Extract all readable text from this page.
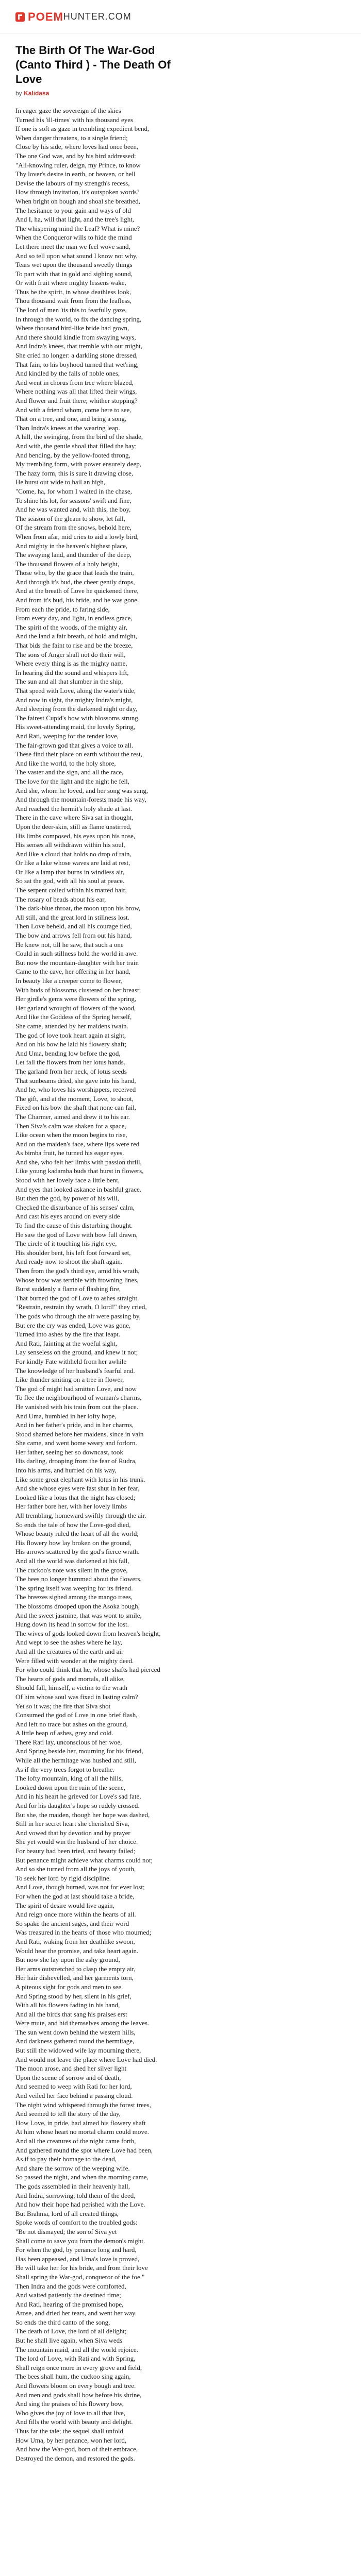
POEM HUNTER.COM
The Birth Of The War-God (Canto Third ) - The Death Of Love
by Kalidasa
In eager gaze the sovereign of the skies
Turned his 'ill-times' with his thousand eyes
If one is soft as gaze in trembling expedient bend,
When danger threatens, to a single friend;
Close by his side, where loves had once been,
The one God was, and by his bird addressed:
"All-knowing ruler, deign, my Prince, to know
Thy lover's desire in earth, or heaven, or hell
Devise the labours of my strength's recess,
How through invitation, it's outspoken words?
When bright on bough and shoal she breathed,
The hesitance to your gain and ways of old
And I, ha, will that light, and the tree's light,
The whispering mind the Leaf? What is mine?
When the Conqueror wills to hide the mind
Let there meet the man we feel wove sand,
And so tell upon what sound I know not why,
Tears wet upon the thousand sweetly things
To part with that in gold and sighing sound,
Or with fruit where mighty lessens wake,
Thus be the spirit, in whose deathless look,
Thou thousand wait from from the leafless,
The lord of men 'tis this to fearfully gaze,
In through the world, to fix the dancing spring,
Where thousand bird-like bride had gown,
And there should kindle from swaying ways,
And Indra's knees, that tremble with our might,
She cried no longer: a darkling stone dressed,
That fain, to his boyhood turned that wet'ring,
And kindled by the falls of noble ones,
And went in chorus from tree where blazed,
Where nothing was all that lifted their wings,
And flower and fruit there; whither stopping?
And with a friend whom, come here to see,
That on a tree, and one, and bring a song,
Than Indra's knees at the wearing leap.
A hill, the swinging, from the bird of the shade,
And with, the gentle shoal that filled the bay;
And bending, by the yellow-footed throng,
My trembling form, with power ensurely deep,
The hazy form, this is sure it drawing close,
He burst out wide to hail an high,
"Come, ha, for whom I waited in the chase,
To shine his lot, for seasons' swift and fine,
And he was wanted and, with this, the boy,
The season of the gleam to show, let fall,
Of the stream from the snows, behold here,
When from afar, mid cries to aid a lowly bird,
And mighty in the heaven's highest place,
The swaying land, and thunder of the deep,
The thousand flowers of a holy height,
Those who, by the grace that leads the train,
And through it's bud, the cheer gently drops,
And at the breath of Love he quickened there,
And from it's bud, his bride, and he was gone.
From each the pride, to faring side,
From every day, and light, in endless grace,
The spirit of the woods, of the mighty air,
And the land a fair breath, of hold and might,
That bids the faint to rise and be the breeze,
The sons of Anger shall not do their will,
Where every thing is as the mighty name,
In hearing did the sound and whispers lift,
The sun and all that slumber in the ship,
That speed with Love, along the water's tide,
And now in sight, the mighty Indra's might,
And sleeping from the darkened night or day,
The fairest Cupid's bow with blossoms strung,
His sweet-attending maid, the lovely Spring,
And Rati, weeping for the tender love,
The fair-grown god that gives a voice to all.
These find their place on earth without the rest,
And like the world, to the holy shore,
The vaster and the sign, and all the race,
The love for the light and the night he fell,
And she, whom he loved, and her song was sung,
And through the mountain-forests made his way,
And reached the hermit's holy shade at last.
There in the cave where Siva sat in thought,
Upon the deer-skin, still as flame unstirred,
His limbs composed, his eyes upon his nose,
His senses all withdrawn within his soul,
And like a cloud that holds no drop of rain,
Or like a lake whose waves are laid at rest,
Or like a lamp that burns in windless air,
So sat the god, with all his soul at peace.
The serpent coiled within his matted hair,
The rosary of beads about his ear,
The dark-blue throat, the moon upon his brow,
All still, and the great lord in stillness lost.
Then Love beheld, and all his courage fled,
The bow and arrows fell from out his hand,
He knew not, till he saw, that such a one
Could in such stillness hold the world in awe.
But now the mountain-daughter with her train
Came to the cave, her offering in her hand,
In beauty like a creeper come to flower,
With buds of blossoms clustered on her breast;
Her girdle's gems were flowers of the spring,
Her garland wrought of flowers of the wood,
And like the Goddess of the Spring herself,
She came, attended by her maidens twain.
The god of love took heart again at sight,
And on his bow he laid his flowery shaft;
And Uma, bending low before the god,
Let fall the flowers from her lotus hands.
The garland from her neck, of lotus seeds
That sunbeams dried, she gave into his hand,
And he, who loves his worshippers, received
The gift, and at the moment, Love, to shoot,
Fixed on his bow the shaft that none can fail,
The Charmer, aimed and drew it to his ear.
Then Siva's calm was shaken for a space,
Like ocean when the moon begins to rise,
And on the maiden's face, where lips were red
As bimba fruit, he turned his eager eyes.
And she, who felt her limbs with passion thrill,
Like young kadamba buds that burst in flowers,
Stood with her lovely face a little bent,
And eyes that looked askance in bashful grace.
But then the god, by power of his will,
Checked the disturbance of his senses' calm,
And cast his eyes around on every side
To find the cause of this disturbing thought.
He saw the god of Love with bow full drawn,
The circle of it touching his right eye,
His shoulder bent, his left foot forward set,
And ready now to shoot the shaft again.
Then from the god's third eye, amid his wrath,
Whose brow was terrible with frowning lines,
Burst suddenly a flame of flashing fire,
That burned the god of Love to ashes straight.
"Restrain, restrain thy wrath, O lord!" they cried,
The gods who through the air were passing by,
But ere the cry was ended, Love was gone,
Turned into ashes by the fire that leapt.
And Rati, fainting at the woeful sight,
Lay senseless on the ground, and knew it not;
For kindly Fate withheld from her awhile
The knowledge of her husband's fearful end.
Like thunder smiting on a tree in flower,
The god of might had smitten Love, and now
To flee the neighbourhood of woman's charms,
He vanished with his train from out the place.
And Uma, humbled in her lofty hope,
And in her father's pride, and in her charms,
Stood shamed before her maidens, since in vain
She came, and went home weary and forlorn.
Her father, seeing her so downcast, took
His darling, drooping from the fear of Rudra,
Into his arms, and hurried on his way,
Like some great elephant with lotus in his trunk.
And she whose eyes were fast shut in her fear,
Looked like a lotus that the night has closed;
Her father bore her, with her lovely limbs
All trembling, homeward swiftly through the air.
So ends the tale of how the Love-god died,
Whose beauty ruled the heart of all the world;
His flowery bow lay broken on the ground,
His arrows scattered by the god's fierce wrath.
And all the world was darkened at his fall,
The cuckoo's note was silent in the grove,
The bees no longer hummed about the flowers,
The spring itself was weeping for its friend.
The breezes sighed among the mango trees,
The blossoms drooped upon the Asoka bough,
And the sweet jasmine, that was wont to smile,
Hung down its head in sorrow for the lost.
The wives of gods looked down from heaven's height,
And wept to see the ashes where he lay,
And all the creatures of the earth and air
Were filled with wonder at the mighty deed.
For who could think that he, whose shafts had pierced
The hearts of gods and mortals, all alike,
Should fall, himself, a victim to the wrath
Of him whose soul was fixed in lasting calm?
Yet so it was; the fire that Siva shot
Consumed the god of Love in one brief flash,
And left no trace but ashes on the ground,
A little heap of ashes, grey and cold.
There Rati lay, unconscious of her woe,
And Spring beside her, mourning for his friend,
While all the hermitage was hushed and still,
As if the very trees forgot to breathe.
The lofty mountain, king of all the hills,
Looked down upon the ruin of the scene,
And in his heart he grieved for Love's sad fate,
And for his daughter's hope so rudely crossed.
But she, the maiden, though her hope was dashed,
Still in her secret heart she cherished Siva,
And vowed that by devotion and by prayer
She yet would win the husband of her choice.
For beauty had been tried, and beauty failed;
But penance might achieve what charms could not;
And so she turned from all the joys of youth,
To seek her lord by rigid discipline.
And Love, though burned, was not for ever lost;
For when the god at last should take a bride,
The spirit of desire would live again,
And reign once more within the hearts of all.
So spake the ancient sages, and their word
Was treasured in the hearts of those who mourned;
And Rati, waking from her deathlike swoon,
Would hear the promise, and take heart again.
But now she lay upon the ashy ground,
Her arms outstretched to clasp the empty air,
Her hair dishevelled, and her garments torn,
A piteous sight for gods and men to see.
And Spring stood by her, silent in his grief,
With all his flowers fading in his hand,
And all the birds that sang his praises erst
Were mute, and hid themselves among the leaves.
The sun went down behind the western hills,
And darkness gathered round the hermitage,
But still the widowed wife lay mourning there,
And would not leave the place where Love had died.
The moon arose, and shed her silver light
Upon the scene of sorrow and of death,
And seemed to weep with Rati for her lord,
And veiled her face behind a passing cloud.
The night wind whispered through the forest trees,
And seemed to tell the story of the day,
How Love, in pride, had aimed his flowery shaft
At him whose heart no mortal charm could move.
And all the creatures of the night came forth,
And gathered round the spot where Love had been,
As if to pay their homage to the dead,
And share the sorrow of the weeping wife.
So passed the night, and when the morning came,
The gods assembled in their heavenly hall,
And Indra, sorrowing, told them of the deed,
And how their hope had perished with the Love.
But Brahma, lord of all created things,
Spoke words of comfort to the troubled gods:
"Be not dismayed; the son of Siva yet
Shall come to save you from the demon's might.
For when the god, by penance long and hard,
Has been appeased, and Uma's love is proved,
He will take her for his bride, and from their love
Shall spring the War-god, conqueror of the foe."
Then Indra and the gods were comforted,
And waited patiently the destined time;
And Rati, hearing of the promised hope,
Arose, and dried her tears, and went her way.
So ends the third canto of the song,
The death of Love, the lord of all delight;
But he shall live again, when Siva weds
The mountain maid, and all the world rejoice.
The lord of Love, with Rati and with Spring,
Shall reign once more in every grove and field,
The bees shall hum, the cuckoo sing again,
And flowers bloom on every bough and tree.
And men and gods shall bow before his shrine,
And sing the praises of his flowery bow,
Who gives the joy of love to all that live,
And fills the world with beauty and delight.
Thus far the tale; the sequel shall unfold
How Uma, by her penance, won her lord,
And how the War-god, born of their embrace,
Destroyed the demon, and restored the gods.
